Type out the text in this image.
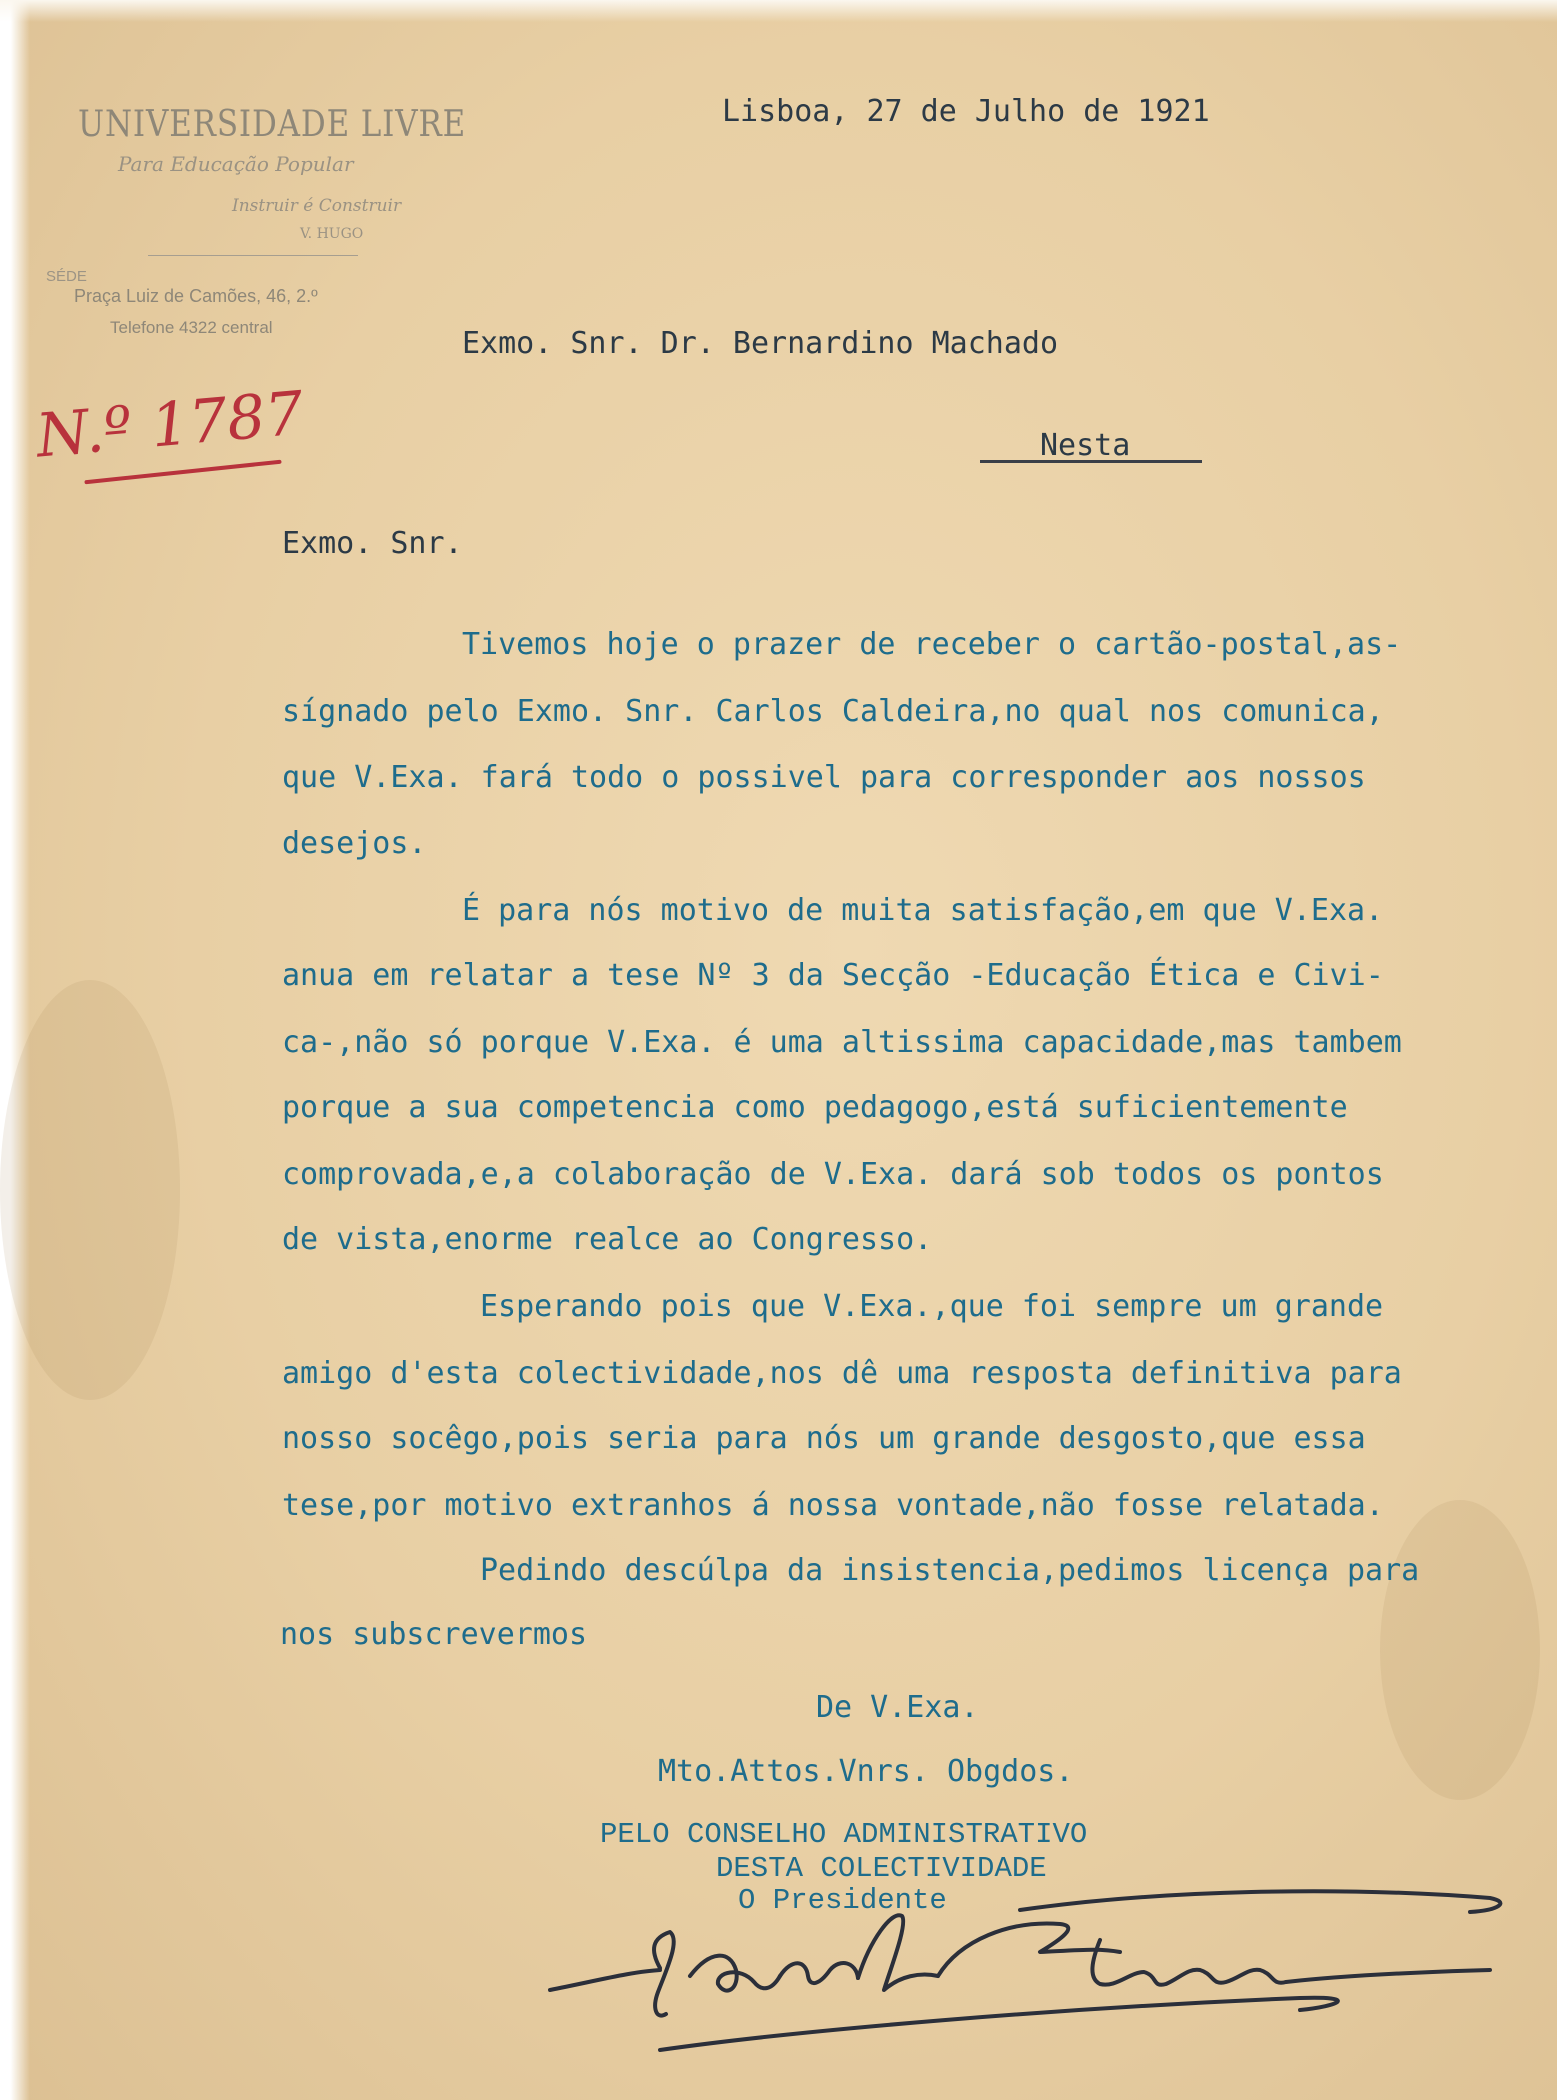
UNIVERSIDADE LIVRE
Para Educação Popular
Instruir é Construir
V. HUGO
SÉDE
Praça Luiz de Camões, 46, 2.º
Telefone 4322 central
N.º 1787
Lisboa, 27 de Julho de 1921
Exmo. Snr. Dr. Bernardino Machado
Nesta
Exmo. Snr.
Tivemos hoje o prazer de receber o cartão-postal,as-
sígnado pelo Exmo. Snr. Carlos Caldeira,no qual nos comunica,
que V.Exa. fará todo o possivel para corresponder aos nossos
desejos.
É para nós motivo de muita satisfação,em que V.Exa.
anua em relatar a tese Nº 3 da Secção -Educação Ética e Civi-
ca-,não só porque V.Exa. é uma altissima capacidade,mas tambem
porque a sua competencia como pedagogo,está suficientemente
comprovada,e,a colaboração de V.Exa. dará sob todos os pontos
de vista,enorme realce ao Congresso.
Esperando pois que V.Exa.,que foi sempre um grande
amigo d'esta colectividade,nos dê uma resposta definitiva para
nosso socêgo,pois seria para nós um grande desgosto,que essa
tese,por motivo extranhos á nossa vontade,não fosse relatada.
Pedindo descúlpa da insistencia,pedimos licença para
nos subscrevermos
De V.Exa.
Mto.Attos.Vnrs. Obgdos.
PELO CONSELHO ADMINISTRATIVO
DESTA COLECTIVIDADE
O Presidente
